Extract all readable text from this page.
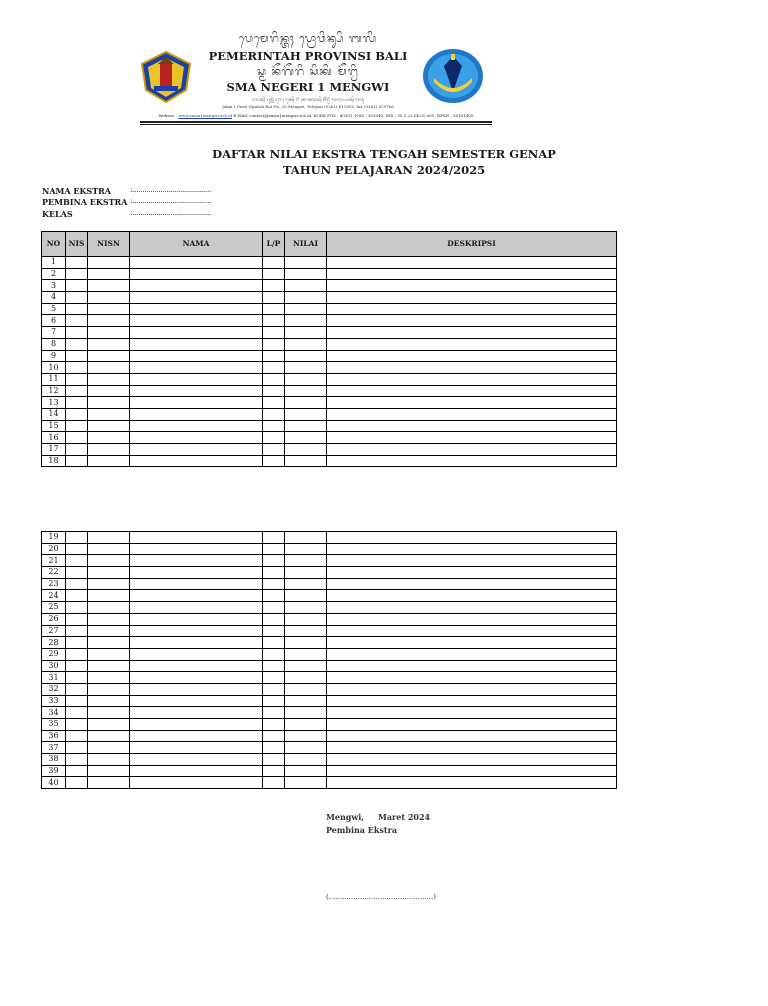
ᬧᬾᬫᬾᬭᬶᬦ᭄ᬢᬄ ᬧ᭄ᬭᭀᬯᬶᬦ᭄ᬲᬶ ᬩᬮᬶ
PEMERINTAH PROVINSI BALI
ᬲ᭄ᬫ ᬦᭂᬕᭂᬭᬶ ᬲᬶᬓᬶ ᬫᭂᬗ᭄ᬯᬶ
SMA NEGERI 1 MENGWI
ᬚᬮᬦ᭄ ᬕᬸᬲ᭄ᬝᬶ ᬗᬸᬭᬄ ᬭᬸᬓ᭄ ᬭᬶ ᬦᭀ ᬓᬤᬲ᭄ ᬫᭂᬗ᭄ᬯᬶ ᬢᬾᬮ᭄ᬧᭀᬦ᭄ ᬩᬤᬸᬂ
Jalan I Gusti Ngurah Rai No. 18 Mengwi, Telepon (0361) 811855, fax (0361) 829766
Website : www.sman1mengwi.sch.id E-Mail: contact@sman1mengwi.sch.id, KODE POS : 80351, NSS : 301040, NIS : 30.1.22.04.01.001, NPSN : 50101405
DAFTAR NILAI EKSTRA TENGAH SEMESTER GENAP
TAHUN PELAJARAN 2024/2025
NAMA EKSTRA	:.......................................
PEMBINA EKSTRA :.......................................
KELAS	:.......................................
NO	NIS	NISN	NAMA	L/P	NILAI	DESKRIPSI
1						
2						
3						
4						
5						
6						
7						
8						
9						
10						
11						
12						
13						
14						
15						
16						
17						
18						
19						
20						
21						
22						
23						
24						
25						
26						
27						
28						
29						
30						
31						
32						
33						
34						
35						
36						
37						
38						
39						
40						
Mengwi,     Maret 2024
Pembina Ekstra
(...............................................)
